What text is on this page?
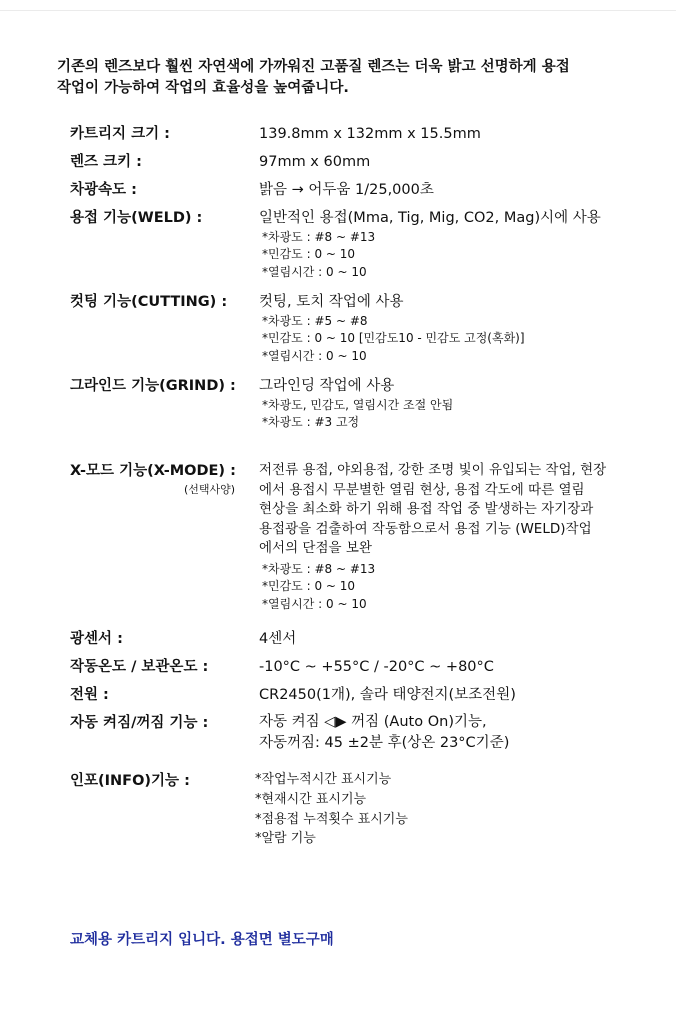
기존의 렌즈보다 훨씬 자연색에 가까워진 고품질 렌즈는 더욱 밝고 선명하게 용접
작업이 가능하여 작업의 효율성을 높여줍니다.
카트리지 크기 :	139.8mm x 132mm x 15.5mm
렌즈 크키 :	97mm x 60mm
차광속도 :	밝음 → 어두움 1/25,000초
용접 기능(WELD) :	일반적인 용접(Mma, Tig, Mig, CO2, Mag)시에 사용
*차광도 : #8 ~ #13
*민감도 : 0 ~ 10
*열림시간 : 0 ~ 10
컷팅 기능(CUTTING) : 컷팅, 토치 작업에 사용
*차광도 : #5 ~ #8
*민감도 : 0 ~ 10 [민감도10 - 민감도 고정(혹화)]
*열림시간 : 0 ~ 10
그라인드 기능(GRIND) : 그라인딩 작업에 사용
*차광도, 민감도, 열림시간 조절 안됨
*차광도 : #3 고정
X-모드 기능(X-MODE) :
(선택사양)
저전류 용접, 야외용접, 강한 조명 빛이 유입되는 작업, 현장
에서 용접시 무분별한 열림 현상, 용접 각도에 따른 열림
현상을 최소화 하기 위해 용접 작업 중 발생하는 자기장과
용접광을 검출하여 작동함으로서 용접 기능 (WELD)작업
에서의 단점을 보완
*차광도 : #8 ~ #13
*민감도 : 0 ~ 10
*열림시간 : 0 ~ 10
광센서 :	4센서
작동온도 / 보관온도 :	-10°C ~ +55°C / -20°C ~ +80°C
전원 :	CR2450(1개), 솔라 태양전지(보조전원)
자동 켜짐/꺼짐 기능 :	자동 켜짐 ◁▶ 꺼짐 (Auto On)기능,
자동꺼짐: 45 ±2분 후(상온 23°C기준)
인포(INFO)기능 :	*작업누적시간 표시기능
*현재시간 표시기능
*점용접 누적횟수 표시기능
*알람 기능
교체용 카트리지 입니다. 용접면 별도구매
